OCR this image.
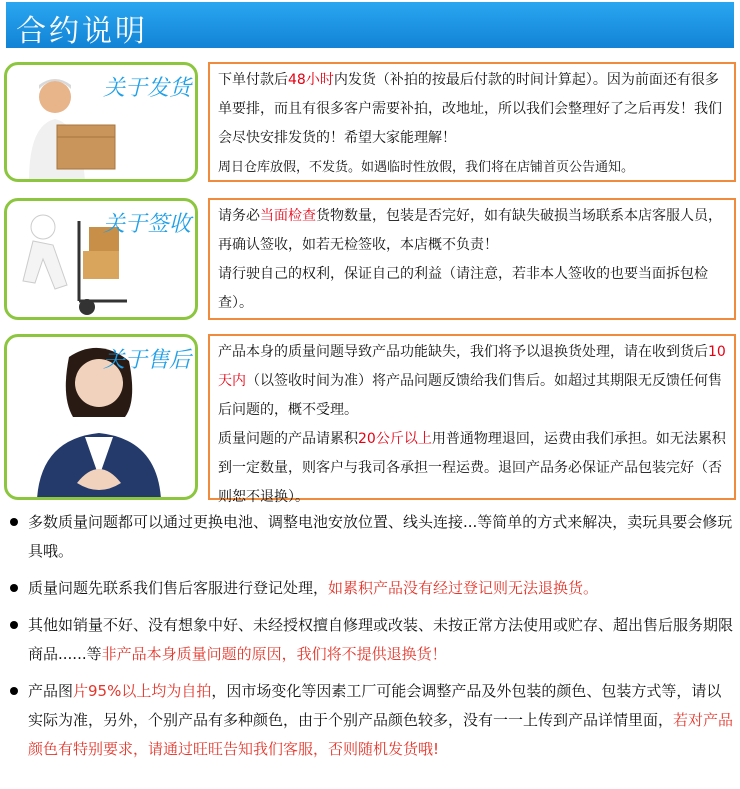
合约说明
关于发货 下单付款后48小时内发货（补拍的按最后付款的时间计算起）。因为前面还有很多单要排，而且有很多客户需要补拍，改地址，所以我们会整理好了之后再发！我们会尽快安排发货的！希望大家能理解！
周日仓库放假，不发货。如遇临时性放假，我们将在店铺首页公告通知。
关于签收 请务必当面检查货物数量，包装是否完好，如有缺失破损当场联系本店客服人员，再确认签收，如若无检签收，本店概不负责！
请行驶自己的权利，保证自己的利益（请注意，若非本人签收的也要当面拆包检查）。
关于售后 产品本身的质量问题导致产品功能缺失，我们将予以退换货处理，请在收到货后10天内（以签收时间为准）将产品问题反馈给我们售后。如超过其期限无反馈任何售后问题的，概不受理。
质量问题的产品请累积20公斤以上用普通物理退回，运费由我们承担。如无法累积到一定数量，则客户与我司各承担一程运费。退回产品务必保证产品包装完好（否则恕不退换）。
多数质量问题都可以通过更换电池、调整电池安放位置、线头连接...等简单的方式来解决，卖玩具要会修玩具哦。
质量问题先联系我们售后客服进行登记处理，如累积产品没有经过登记则无法退换货。
其他如销量不好、没有想象中好、未经授权擅自修理或改装、未按正常方法使用或贮存、超出售后服务期限商品......等非产品本身质量问题的原因，我们将不提供退换货！
产品图片95%以上均为自拍，因市场变化等因素工厂可能会调整产品及外包装的颜色、包装方式等，请以实际为准，另外，个别产品有多种颜色，由于个别产品颜色较多，没有一一上传到产品详情里面，若对产品颜色有特别要求，请通过旺旺告知我们客服，否则随机发货哦!
